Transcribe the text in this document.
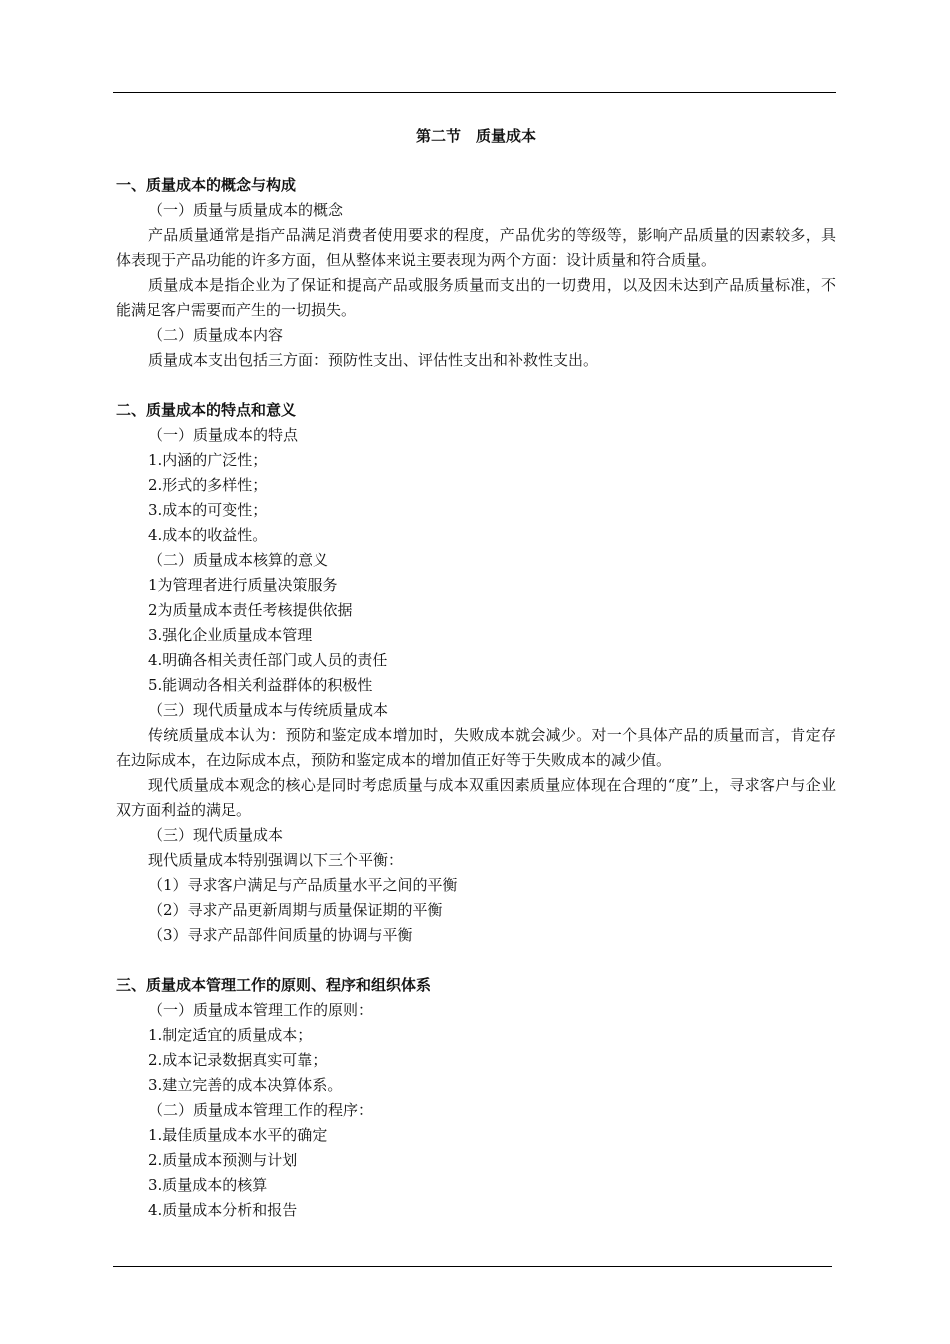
第二节　质量成本
一、质量成本的概念与构成
（一）质量与质量成本的概念
产品质量通常是指产品满足消费者使用要求的程度，产品优劣的等级等，影响产品质量的因素较多，具体表现于产品功能的许多方面，但从整体来说主要表现为两个方面：设计质量和符合质量。
质量成本是指企业为了保证和提高产品或服务质量而支出的一切费用，以及因未达到产品质量标准，不能满足客户需要而产生的一切损失。
（二）质量成本内容
质量成本支出包括三方面：预防性支出、评估性支出和补救性支出。
二、质量成本的特点和意义
（一）质量成本的特点
1.内涵的广泛性；
2.形式的多样性；
3.成本的可变性；
4.成本的收益性。
（二）质量成本核算的意义
1为管理者进行质量决策服务
2为质量成本责任考核提供依据
3.强化企业质量成本管理
4.明确各相关责任部门或人员的责任
5.能调动各相关利益群体的积极性
（三）现代质量成本与传统质量成本
传统质量成本认为：预防和鉴定成本增加时，失败成本就会减少。对一个具体产品的质量而言，肯定存在边际成本，在边际成本点，预防和鉴定成本的增加值正好等于失败成本的减少值。
现代质量成本观念的核心是同时考虑质量与成本双重因素质量应体现在合理的“度”上，寻求客户与企业双方面利益的满足。
（三）现代质量成本
现代质量成本特别强调以下三个平衡：
（1）寻求客户满足与产品质量水平之间的平衡
（2）寻求产品更新周期与质量保证期的平衡
（3）寻求产品部件间质量的协调与平衡
三、质量成本管理工作的原则、程序和组织体系
（一）质量成本管理工作的原则：
1.制定适宜的质量成本；
2.成本记录数据真实可靠；
3.建立完善的成本决算体系。
（二）质量成本管理工作的程序：
1.最佳质量成本水平的确定
2.质量成本预测与计划
3.质量成本的核算
4.质量成本分析和报告
